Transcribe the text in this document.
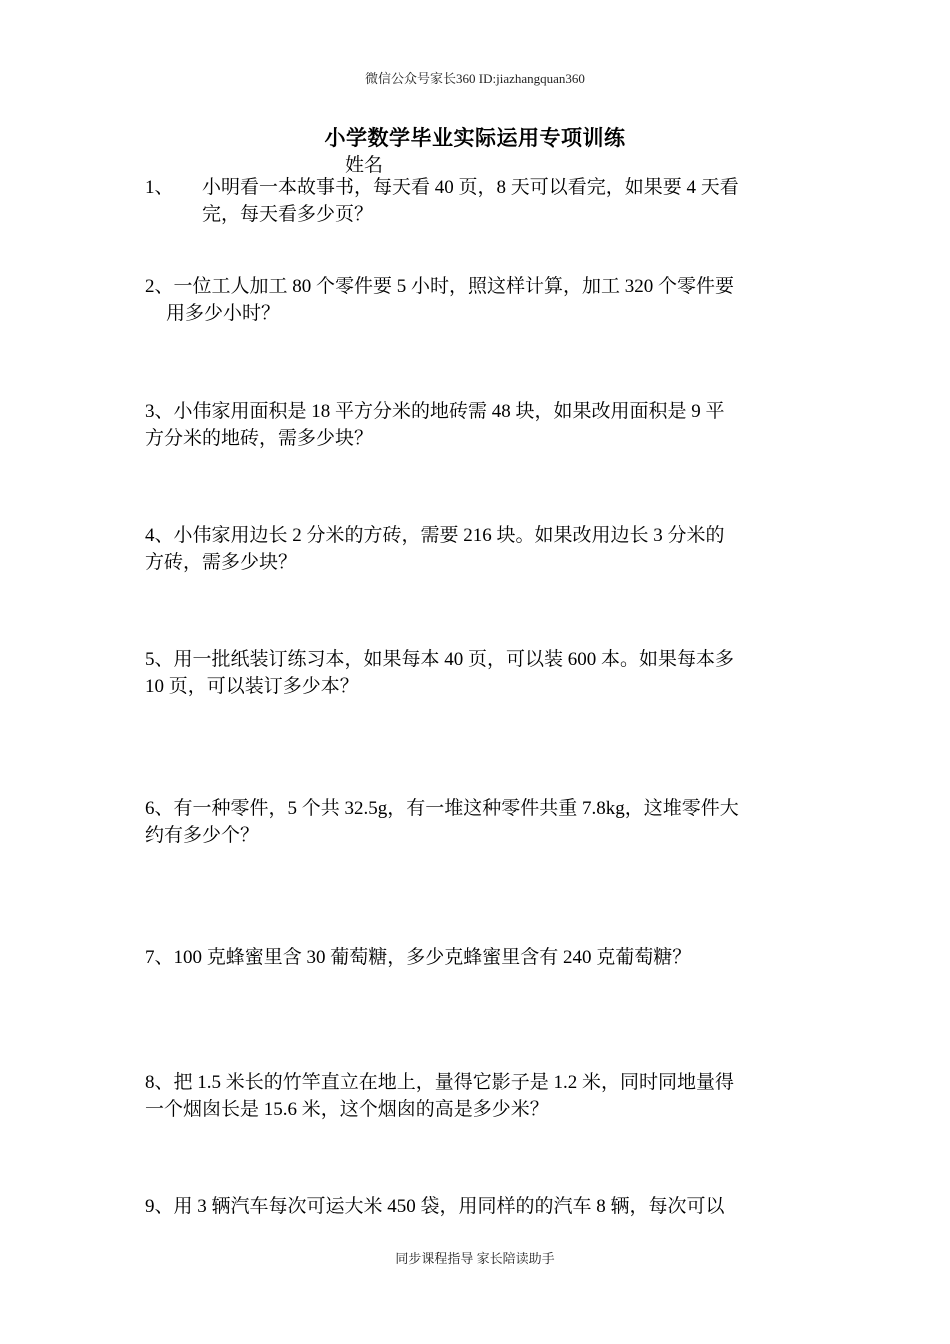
微信公众号家长360 ID:jiazhangquan360
小学数学毕业实际运用专项训练
姓名
1、 小明看一本故事书，每天看 40 页，8 天可以看完，如果要 4 天看
完，每天看多少页？
2、一位工人加工 80 个零件要 5 小时，照这样计算，加工 320 个零件要
用多少小时？
3、小伟家用面积是 18 平方分米的地砖需 48 块，如果改用面积是 9 平
方分米的地砖，需多少块？
4、小伟家用边长 2 分米的方砖，需要 216 块。如果改用边长 3 分米的
方砖，需多少块？
5、用一批纸装订练习本，如果每本 40 页，可以装 600 本。如果每本多
10 页，可以装订多少本？
6、有一种零件，5 个共 32.5g，有一堆这种零件共重 7.8kg，这堆零件大
约有多少个？
7、100 克蜂蜜里含 30 葡萄糖，多少克蜂蜜里含有 240 克葡萄糖？
8、把 1.5 米长的竹竿直立在地上，量得它影子是 1.2 米，同时同地量得
一个烟囱长是 15.6 米，这个烟囱的高是多少米？
9、用 3 辆汽车每次可运大米 450 袋，用同样的的汽车 8 辆，每次可以
同步课程指导 家长陪读助手
